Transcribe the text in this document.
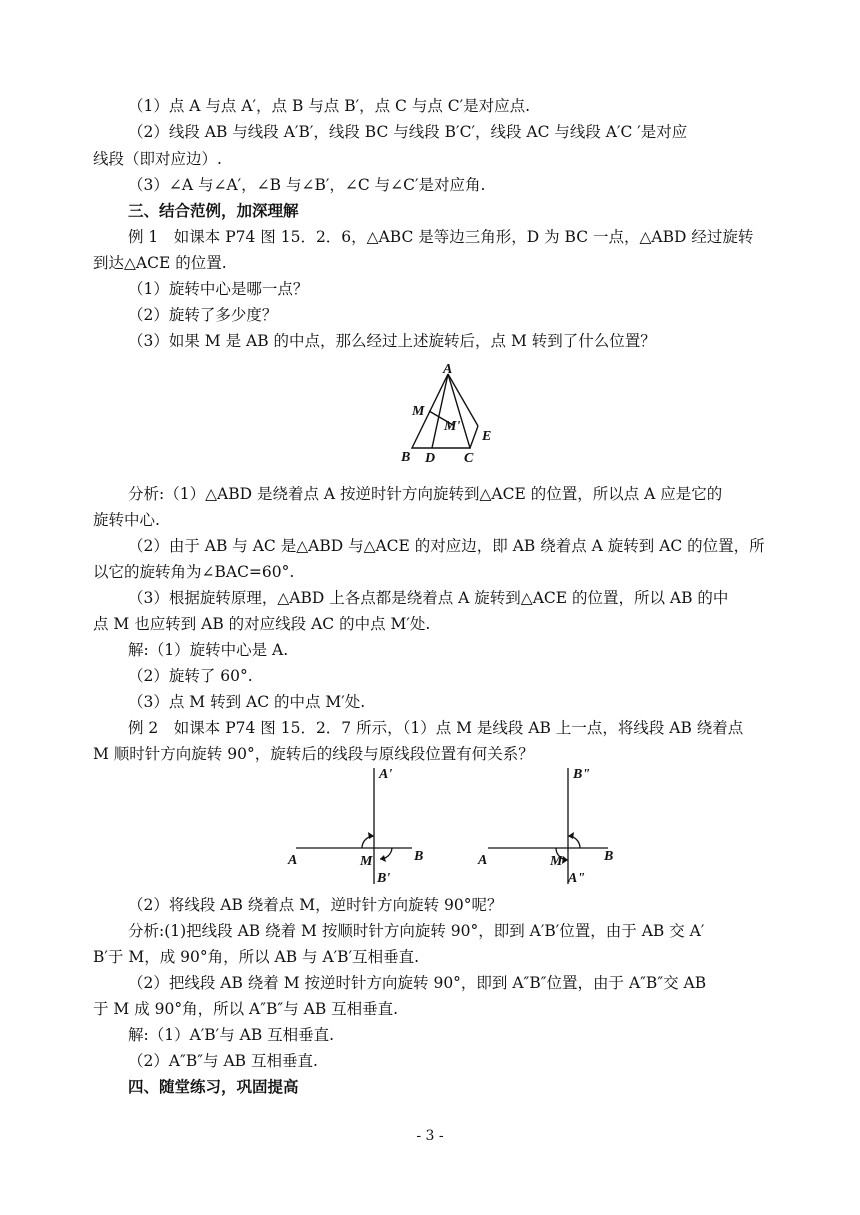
（1）点 A 与点 A′，点 B 与点 B′，点 C 与点 C′是对应点.
（2）线段 AB 与线段 A′B′，线段 BC 与线段 B′C′，线段 AC 与线段 A′C ′是对应
线段（即对应边）.
（3）∠A 与∠A′，∠B 与∠B′，∠C 与∠C′是对应角.
三、结合范例，加深理解
例 1　如课本 P74 图 15．2．6，△ABC 是等边三角形，D 为 BC 一点，△ABD 经过旋转
到达△ACE 的位置.
（1）旋转中心是哪一点？
（2）旋转了多少度？
（3）如果 M 是 AB 的中点，那么经过上述旋转后，点 M 转到了什么位置？
A
M
M'
E
B D C
分析:（1）△ABD 是绕着点 A 按逆时针方向旋转到△ACE 的位置，所以点 A 应是它的
旋转中心.
（2）由于 AB 与 AC 是△ABD 与△ACE 的对应边，即 AB 绕着点 A 旋转到 AC 的位置，所
以它的旋转角为∠BAC=60°.
（3）根据旋转原理，△ABD 上各点都是绕着点 A 旋转到△ACE 的位置，所以 AB 的中
点 M 也应转到 AB 的对应线段 AC 的中点 M′处.
解:（1）旋转中心是 A.
（2）旋转了 60°.
（3）点 M 转到 AC 的中点 M′处.
例 2　如课本 P74 图 15．2．7 所示，（1）点 M 是线段 AB 上一点，将线段 AB 绕着点
M 顺时针方向旋转 90°，旋转后的线段与原线段位置有何关系？
A'
A	M	B
B'
B"
A	M	B
A"
（2）将线段 AB 绕着点 M，逆时针方向旋转 90°呢？
分析:(1)把线段 AB 绕着 M 按顺时针方向旋转 90°，即到 A′B′位置，由于 AB 交 A′
B′于 M，成 90°角，所以 AB 与 A′B′互相垂直.
（2）把线段 AB 绕着 M 按逆时针方向旋转 90°，即到 A″B″位置，由于 A″B″交 AB
于 M 成 90°角，所以 A″B″与 AB 互相垂直.
解:（1）A′B′与 AB 互相垂直.
（2）A″B″与 AB 互相垂直.
四、随堂练习，巩固提高
- 3 -
